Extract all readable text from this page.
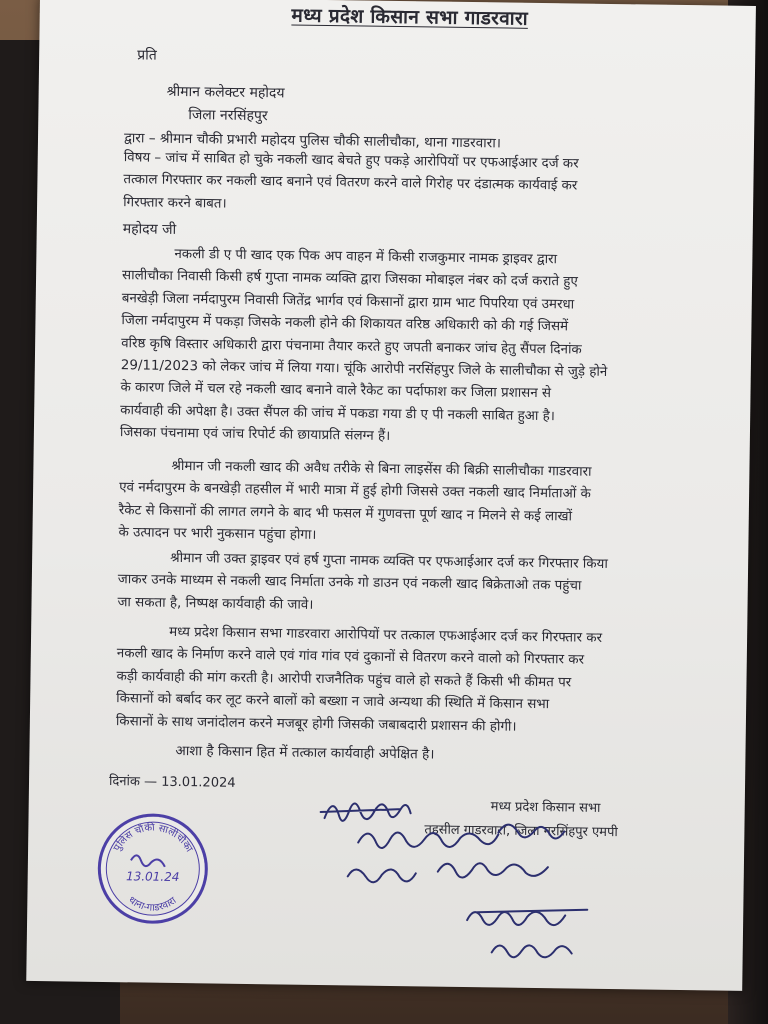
मध्य प्रदेश किसान सभा गाडरवारा
प्रति
श्रीमान कलेक्टर महोदय
जिला नरसिंहपुर
द्वारा – श्रीमान चौकी प्रभारी महोदय पुलिस चौकी सालीचौका, थाना गाडरवारा।
विषय – जांच में साबित हो चुके नकली खाद बेचते हुए पकड़े आरोपियों पर एफआईआर दर्ज कर
तत्काल गिरफ्तार कर नकली खाद बनाने एवं वितरण करने वाले गिरोह पर दंडात्मक कार्यवाई कर
गिरफ्तार करने बाबत।
महोदय जी
नकली डी ए पी खाद एक पिक अप वाहन में किसी राजकुमार नामक ड्राइवर द्वारा
सालीचौका निवासी किसी हर्ष गुप्ता नामक व्यक्ति द्वारा जिसका मोबाइल नंबर को दर्ज कराते हुए
बनखेड़ी जिला नर्मदापुरम निवासी जितेंद्र भार्गव एवं किसानों द्वारा ग्राम भाट पिपरिया एवं उमरधा
जिला नर्मदापुरम में पकड़ा जिसके नकली होने की शिकायत वरिष्ठ अधिकारी को की गई जिसमें
वरिष्ठ कृषि विस्तार अधिकारी द्वारा पंचनामा तैयार करते हुए जपती बनाकर जांच हेतु सैंपल दिनांक
29/11/2023 को लेकर जांच में लिया गया। चूंकि आरोपी नरसिंहपुर जिले के सालीचौका से जुड़े होने
के कारण जिले में चल रहे नकली खाद बनाने वाले रैकेट का पर्दाफाश कर जिला प्रशासन से
कार्यवाही की अपेक्षा है। उक्त सैंपल की जांच में पकडा गया डी ए पी नकली साबित हुआ है।
जिसका पंचनामा एवं जांच रिपोर्ट की छायाप्रति संलग्न हैं।
श्रीमान जी नकली खाद की अवैध तरीके से बिना लाइसेंस की बिक्री सालीचौका गाडरवारा
एवं नर्मदापुरम के बनखेड़ी तहसील में भारी मात्रा में हुई होगी जिससे उक्त नकली खाद निर्माताओं के
रैकेट से किसानों की लागत लगने के बाद भी फसल में गुणवत्ता पूर्ण खाद न मिलने से कई लाखों
के उत्पादन पर भारी नुकसान पहुंचा होगा।
श्रीमान जी उक्त ड्राइवर एवं हर्ष गुप्ता नामक व्यक्ति पर एफआईआर दर्ज कर गिरफ्तार किया
जाकर उनके माध्यम से नकली खाद निर्माता उनके गो डाउन एवं नकली खाद बिक्रेताओ तक पहुंचा
जा सकता है, निष्पक्ष कार्यवाही की जावे।
मध्य प्रदेश किसान सभा गाडरवारा आरोपियों पर तत्काल एफआईआर दर्ज कर गिरफ्तार कर
नकली खाद के निर्माण करने वाले एवं गांव गांव एवं दुकानों से वितरण करने वालो को गिरफ्तार कर
कड़ी कार्यवाही की मांग करती है। आरोपी राजनैतिक पहुंच वाले हो सकते हैं किसी भी कीमत पर
किसानों को बर्बाद कर लूट करने बालों को बख्शा न जावे अन्यथा की स्थिति में किसान सभा
किसानों के साथ जनांदोलन करने मजबूर होगी जिसकी जबाबदारी प्रशासन की होगी।
आशा है किसान हित में तत्काल कार्यवाही अपेक्षित है।
दिनांक — 13.01.2024
मध्य प्रदेश किसान सभा
तहसील गाडरवारा, जिला नरसिंहपुर एमपी
पुलिस चौकी सालीचौका
थाना-गाडरवारा
13.01.24
